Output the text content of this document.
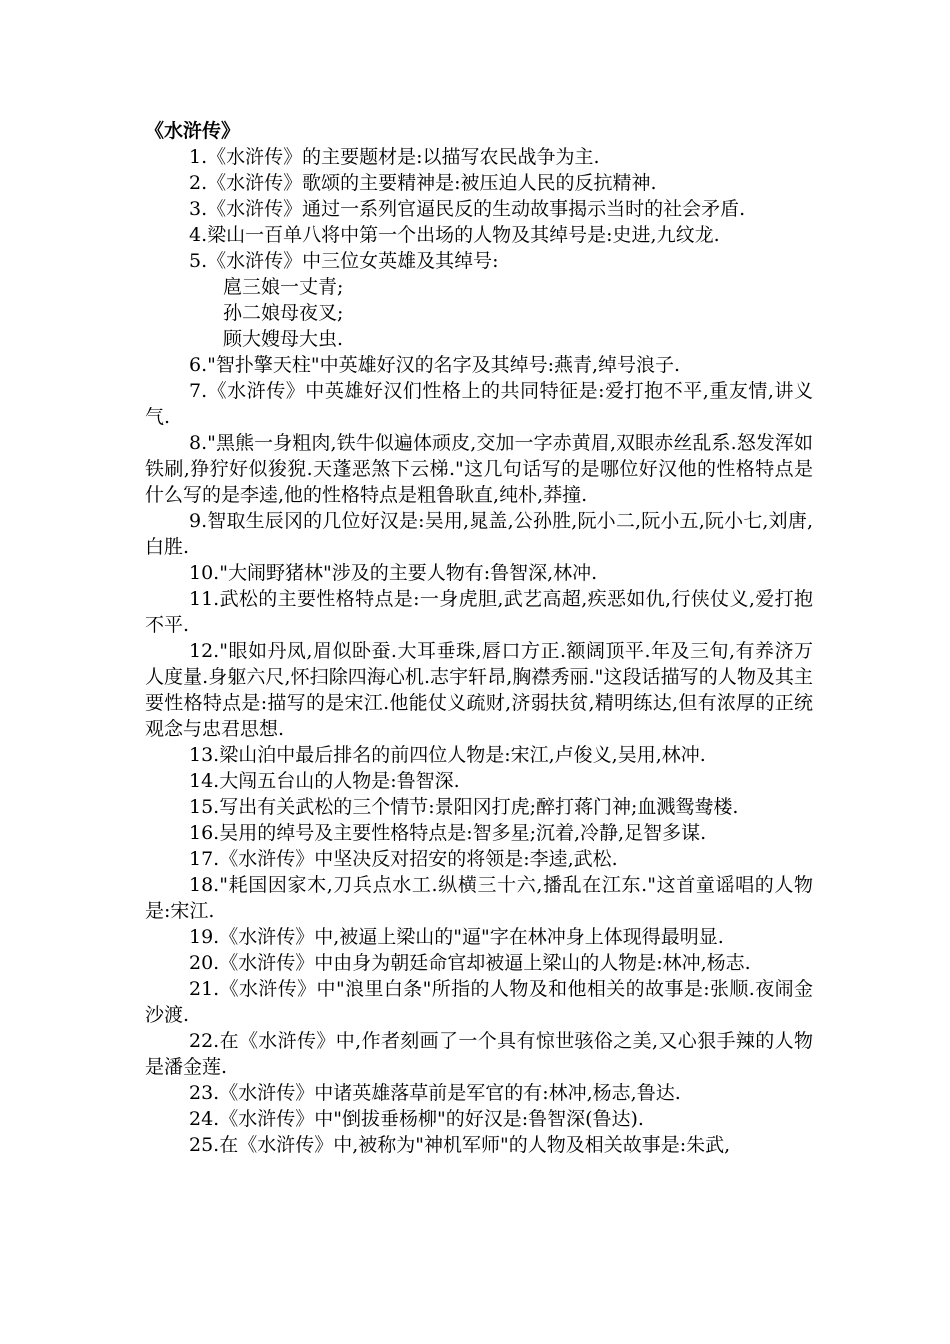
《水浒传》

1.《水浒传》的主要题材是:以描写农民战争为主.

2.《水浒传》歌颂的主要精神是:被压迫人民的反抗精神.

3.《水浒传》通过一系列官逼民反的生动故事揭示当时的社会矛盾.

4.梁山一百单八将中第一个出场的人物及其绰号是:史进,九纹龙.

5.《水浒传》中三位女英雄及其绰号:

扈三娘一丈青;

孙二娘母夜叉;

顾大嫂母大虫.

6."智扑擎天柱"中英雄好汉的名字及其绰号:燕青,绰号浪子.

7.《水浒传》中英雄好汉们性格上的共同特征是:爱打抱不平,重友情,讲义气.

8."黑熊一身粗肉,铁牛似遍体顽皮,交加一字赤黄眉,双眼赤丝乱系.怒发浑如铁刷,狰狞好似狻猊.天蓬恶煞下云梯."这几句话写的是哪位好汉他的性格特点是什么写的是李逵,他的性格特点是粗鲁耿直,纯朴,莽撞.

9.智取生辰冈的几位好汉是:吴用,晁盖,公孙胜,阮小二,阮小五,阮小七,刘唐,白胜.

10."大闹野猪林"涉及的主要人物有:鲁智深,林冲.

11.武松的主要性格特点是:一身虎胆,武艺高超,疾恶如仇,行侠仗义,爱打抱不平.

12."眼如丹凤,眉似卧蚕.大耳垂珠,唇口方正.额阔顶平.年及三旬,有养济万人度量.身躯六尺,怀扫除四海心机.志宇轩昂,胸襟秀丽."这段话描写的人物及其主要性格特点是:描写的是宋江.他能仗义疏财,济弱扶贫,精明练达,但有浓厚的正统观念与忠君思想.

13.梁山泊中最后排名的前四位人物是:宋江,卢俊义,吴用,林冲.

14.大闯五台山的人物是:鲁智深.

15.写出有关武松的三个情节:景阳冈打虎;醉打蒋门神;血溅鸳鸯楼.

16.吴用的绰号及主要性格特点是:智多星;沉着,冷静,足智多谋.

17.《水浒传》中坚决反对招安的将领是:李逵,武松.

18."耗国因家木,刀兵点水工.纵横三十六,播乱在江东."这首童谣唱的人物是:宋江.

19.《水浒传》中,被逼上梁山的"逼"字在林冲身上体现得最明显.

20.《水浒传》中由身为朝廷命官却被逼上梁山的人物是:林冲,杨志.

21.《水浒传》中"浪里白条"所指的人物及和他相关的故事是:张顺.夜闹金沙渡.

22.在《水浒传》中,作者刻画了一个具有惊世骇俗之美,又心狠手辣的人物是潘金莲.

23.《水浒传》中诸英雄落草前是军官的有:林冲,杨志,鲁达.

24.《水浒传》中"倒拔垂杨柳"的好汉是:鲁智深(鲁达).

25.在《水浒传》中,被称为"神机军师"的人物及相关故事是:朱武,
